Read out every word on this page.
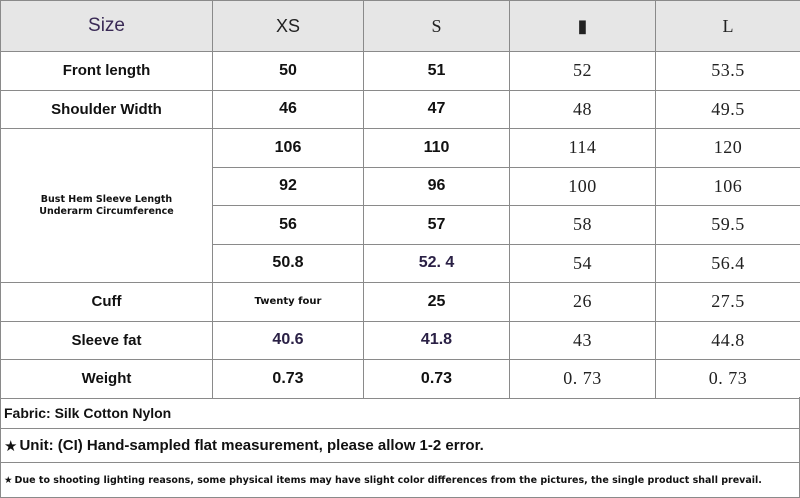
Size	XS	S	▮	L
Front length	50	51	52	53.5
Shoulder Width	46	47	48	49.5

Bust Hem Sleeve Length
Underarm Circumference	106	110	114	120
	92	96	100	106
	56	57	58	59.5
	50.8	52. 4	54	56.4
Cuff	Twenty four	25	26	27.5
Sleeve fat	40.6	41.8	43	44.8
Weight	0.73	0.73	0. 73	0. 73
Fabric: Silk Cotton Nylon
★ Unit: (CI) Hand-sampled flat measurement, please allow 1-2 error.
★ Due to shooting lighting reasons, some physical items may have slight color differences from the pictures, the single product shall prevail.
